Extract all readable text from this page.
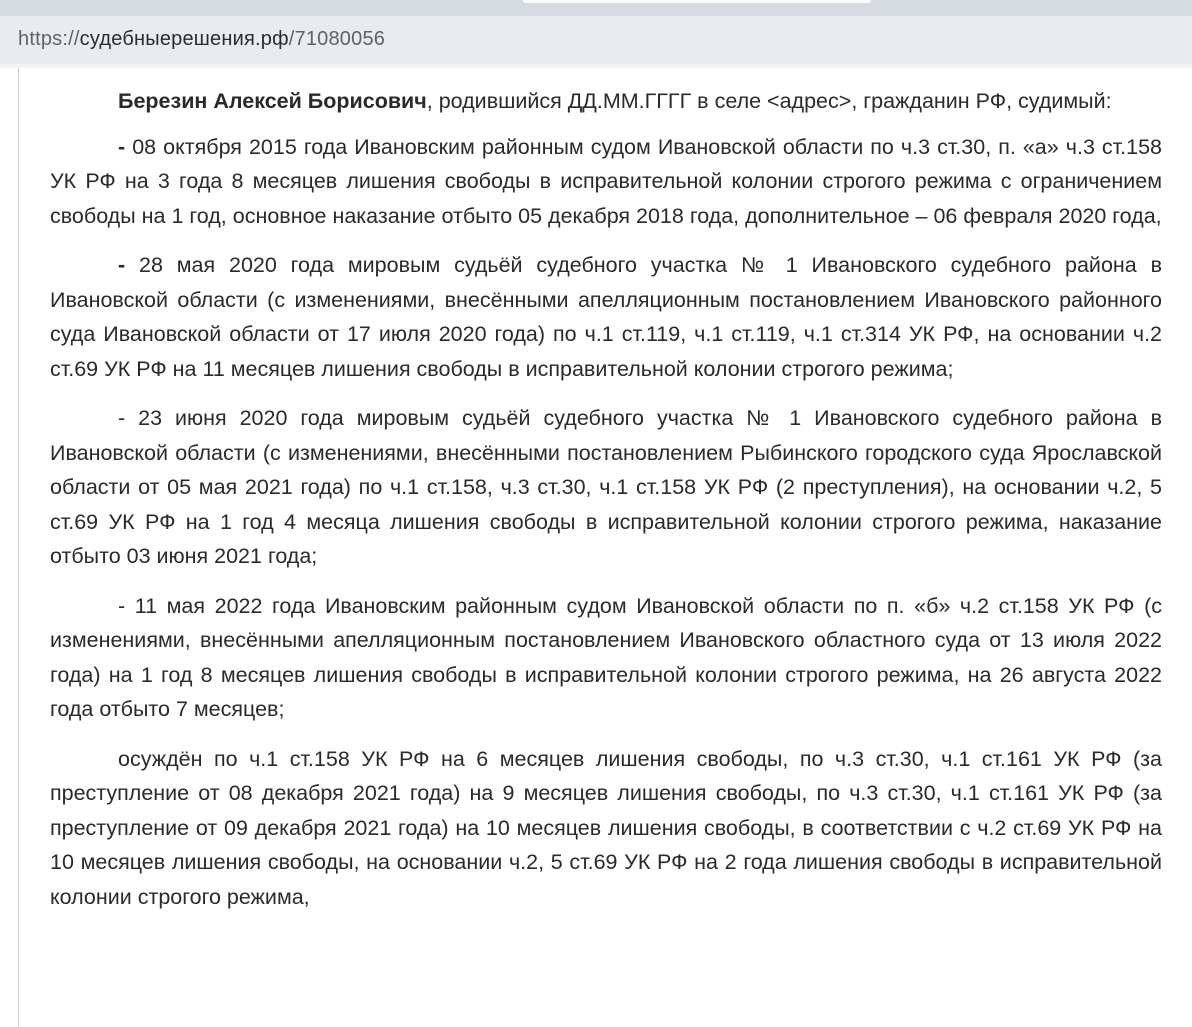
https://судебныерешения.рф/71080056

Березин Алексей Борисович, родившийся ДД.ММ.ГГГГ в селе <адрес>, гражданин РФ, судимый:

- 08 октября 2015 года Ивановским районным судом Ивановской области по ч.3 ст.30, п. «а» ч.3 ст.158 УК РФ на 3 года 8 месяцев лишения свободы в исправительной колонии строгого режима с ограничением свободы на 1 год, основное наказание отбыто 05 декабря 2018 года, дополнительное – 06 февраля 2020 года,

- 28 мая 2020 года мировым судьёй судебного участка № 1 Ивановского судебного района в Ивановской области (с изменениями, внесёнными апелляционным постановлением Ивановского районного суда Ивановской области от 17 июля 2020 года) по ч.1 ст.119, ч.1 ст.119, ч.1 ст.314 УК РФ, на основании ч.2 ст.69 УК РФ на 11 месяцев лишения свободы в исправительной колонии строгого режима;

- 23 июня 2020 года мировым судьёй судебного участка № 1 Ивановского судебного района в Ивановской области (с изменениями, внесёнными постановлением Рыбинского городского суда Ярославской области от 05 мая 2021 года) по ч.1 ст.158, ч.3 ст.30, ч.1 ст.158 УК РФ (2 преступления), на основании ч.2, 5 ст.69 УК РФ на 1 год 4 месяца лишения свободы в исправительной колонии строгого режима, наказание отбыто 03 июня 2021 года;

- 11 мая 2022 года Ивановским районным судом Ивановской области по п. «б» ч.2 ст.158 УК РФ (с изменениями, внесёнными апелляционным постановлением Ивановского областного суда от 13 июля 2022 года) на 1 год 8 месяцев лишения свободы в исправительной колонии строгого режима, на 26 августа 2022 года отбыто 7 месяцев;

осуждён по ч.1 ст.158 УК РФ на 6 месяцев лишения свободы, по ч.3 ст.30, ч.1 ст.161 УК РФ (за преступление от 08 декабря 2021 года) на 9 месяцев лишения свободы, по ч.3 ст.30, ч.1 ст.161 УК РФ (за преступление от 09 декабря 2021 года) на 10 месяцев лишения свободы, в соответствии с ч.2 ст.69 УК РФ на 10 месяцев лишения свободы, на основании ч.2, 5 ст.69 УК РФ на 2 года лишения свободы в исправительной колонии строгого режима,
